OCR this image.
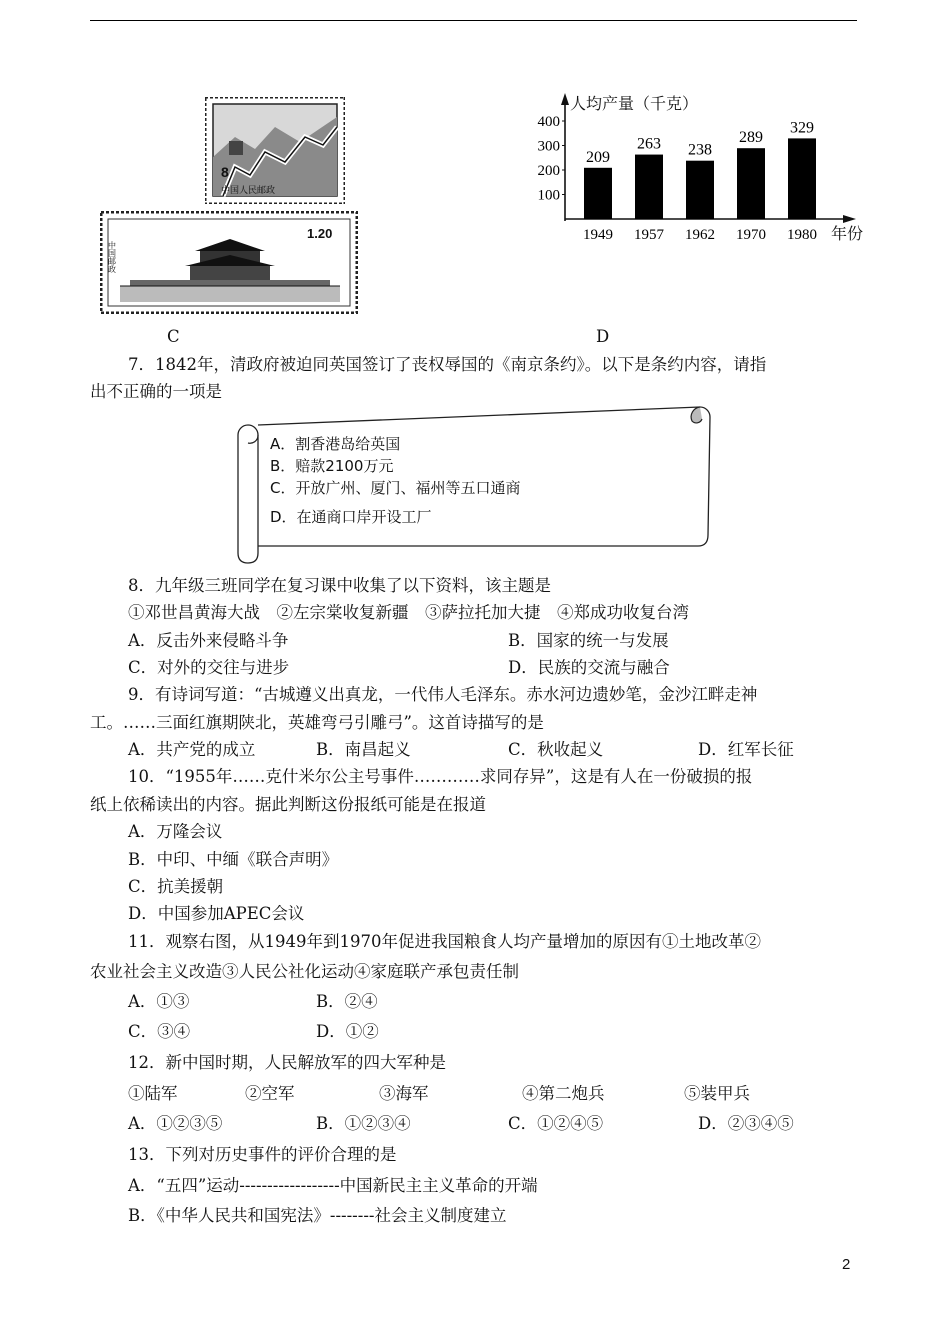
8
中国人民邮政
中国邮政
1.20
人均产量（千克）
年份
400
300
200
100
209
1949
263
1957
238
1962
289
1970
329
1980
C	D
7．1842年，清政府被迫同英国签订了丧权辱国的《南京条约》。以下是条约内容，请指
出不正确的一项是
A．割香港岛给英国
B．赔款2100万元
C．开放广州、厦门、福州等五口通商
D．在通商口岸开设工厂
8．九年级三班同学在复习课中收集了以下资料，该主题是
①邓世昌黄海大战　②左宗棠收复新疆　③萨拉托加大捷　④郑成功收复台湾
A．反击外来侵略斗争	B．国家的统一与发展
C．对外的交往与进步	D．民族的交流与融合
9．有诗词写道：“古城遵义出真龙，一代伟人毛泽东。赤水河边遗妙笔，金沙江畔走神
工。……三面红旗期陕北，英雄弯弓引雕弓”。这首诗描写的是
A．共产党的成立	B．南昌起义	C．秋收起义	D．红军长征
10．“1955年……克什米尔公主号事件…………求同存异”，这是有人在一份破损的报
纸上依稀读出的内容。据此判断这份报纸可能是在报道
A．万隆会议
B．中印、中缅《联合声明》
C．抗美援朝
D．中国参加APEC会议
11．观察右图，从1949年到1970年促进我国粮食人均产量增加的原因有①土地改革②
农业社会主义改造③人民公社化运动④家庭联产承包责任制
A．①③	B．②④
C．③④	D．①②
12．新中国时期，人民解放军的四大军种是
①陆军	②空军	③海军	④第二炮兵	⑤装甲兵
A．①②③⑤	B．①②③④	C．①②④⑤	D．②③④⑤
13．下列对历史事件的评价合理的是
A．“五四”运动------------------中国新民主主义革命的开端
B．《中华人民共和国宪法》--------社会主义制度建立
2
